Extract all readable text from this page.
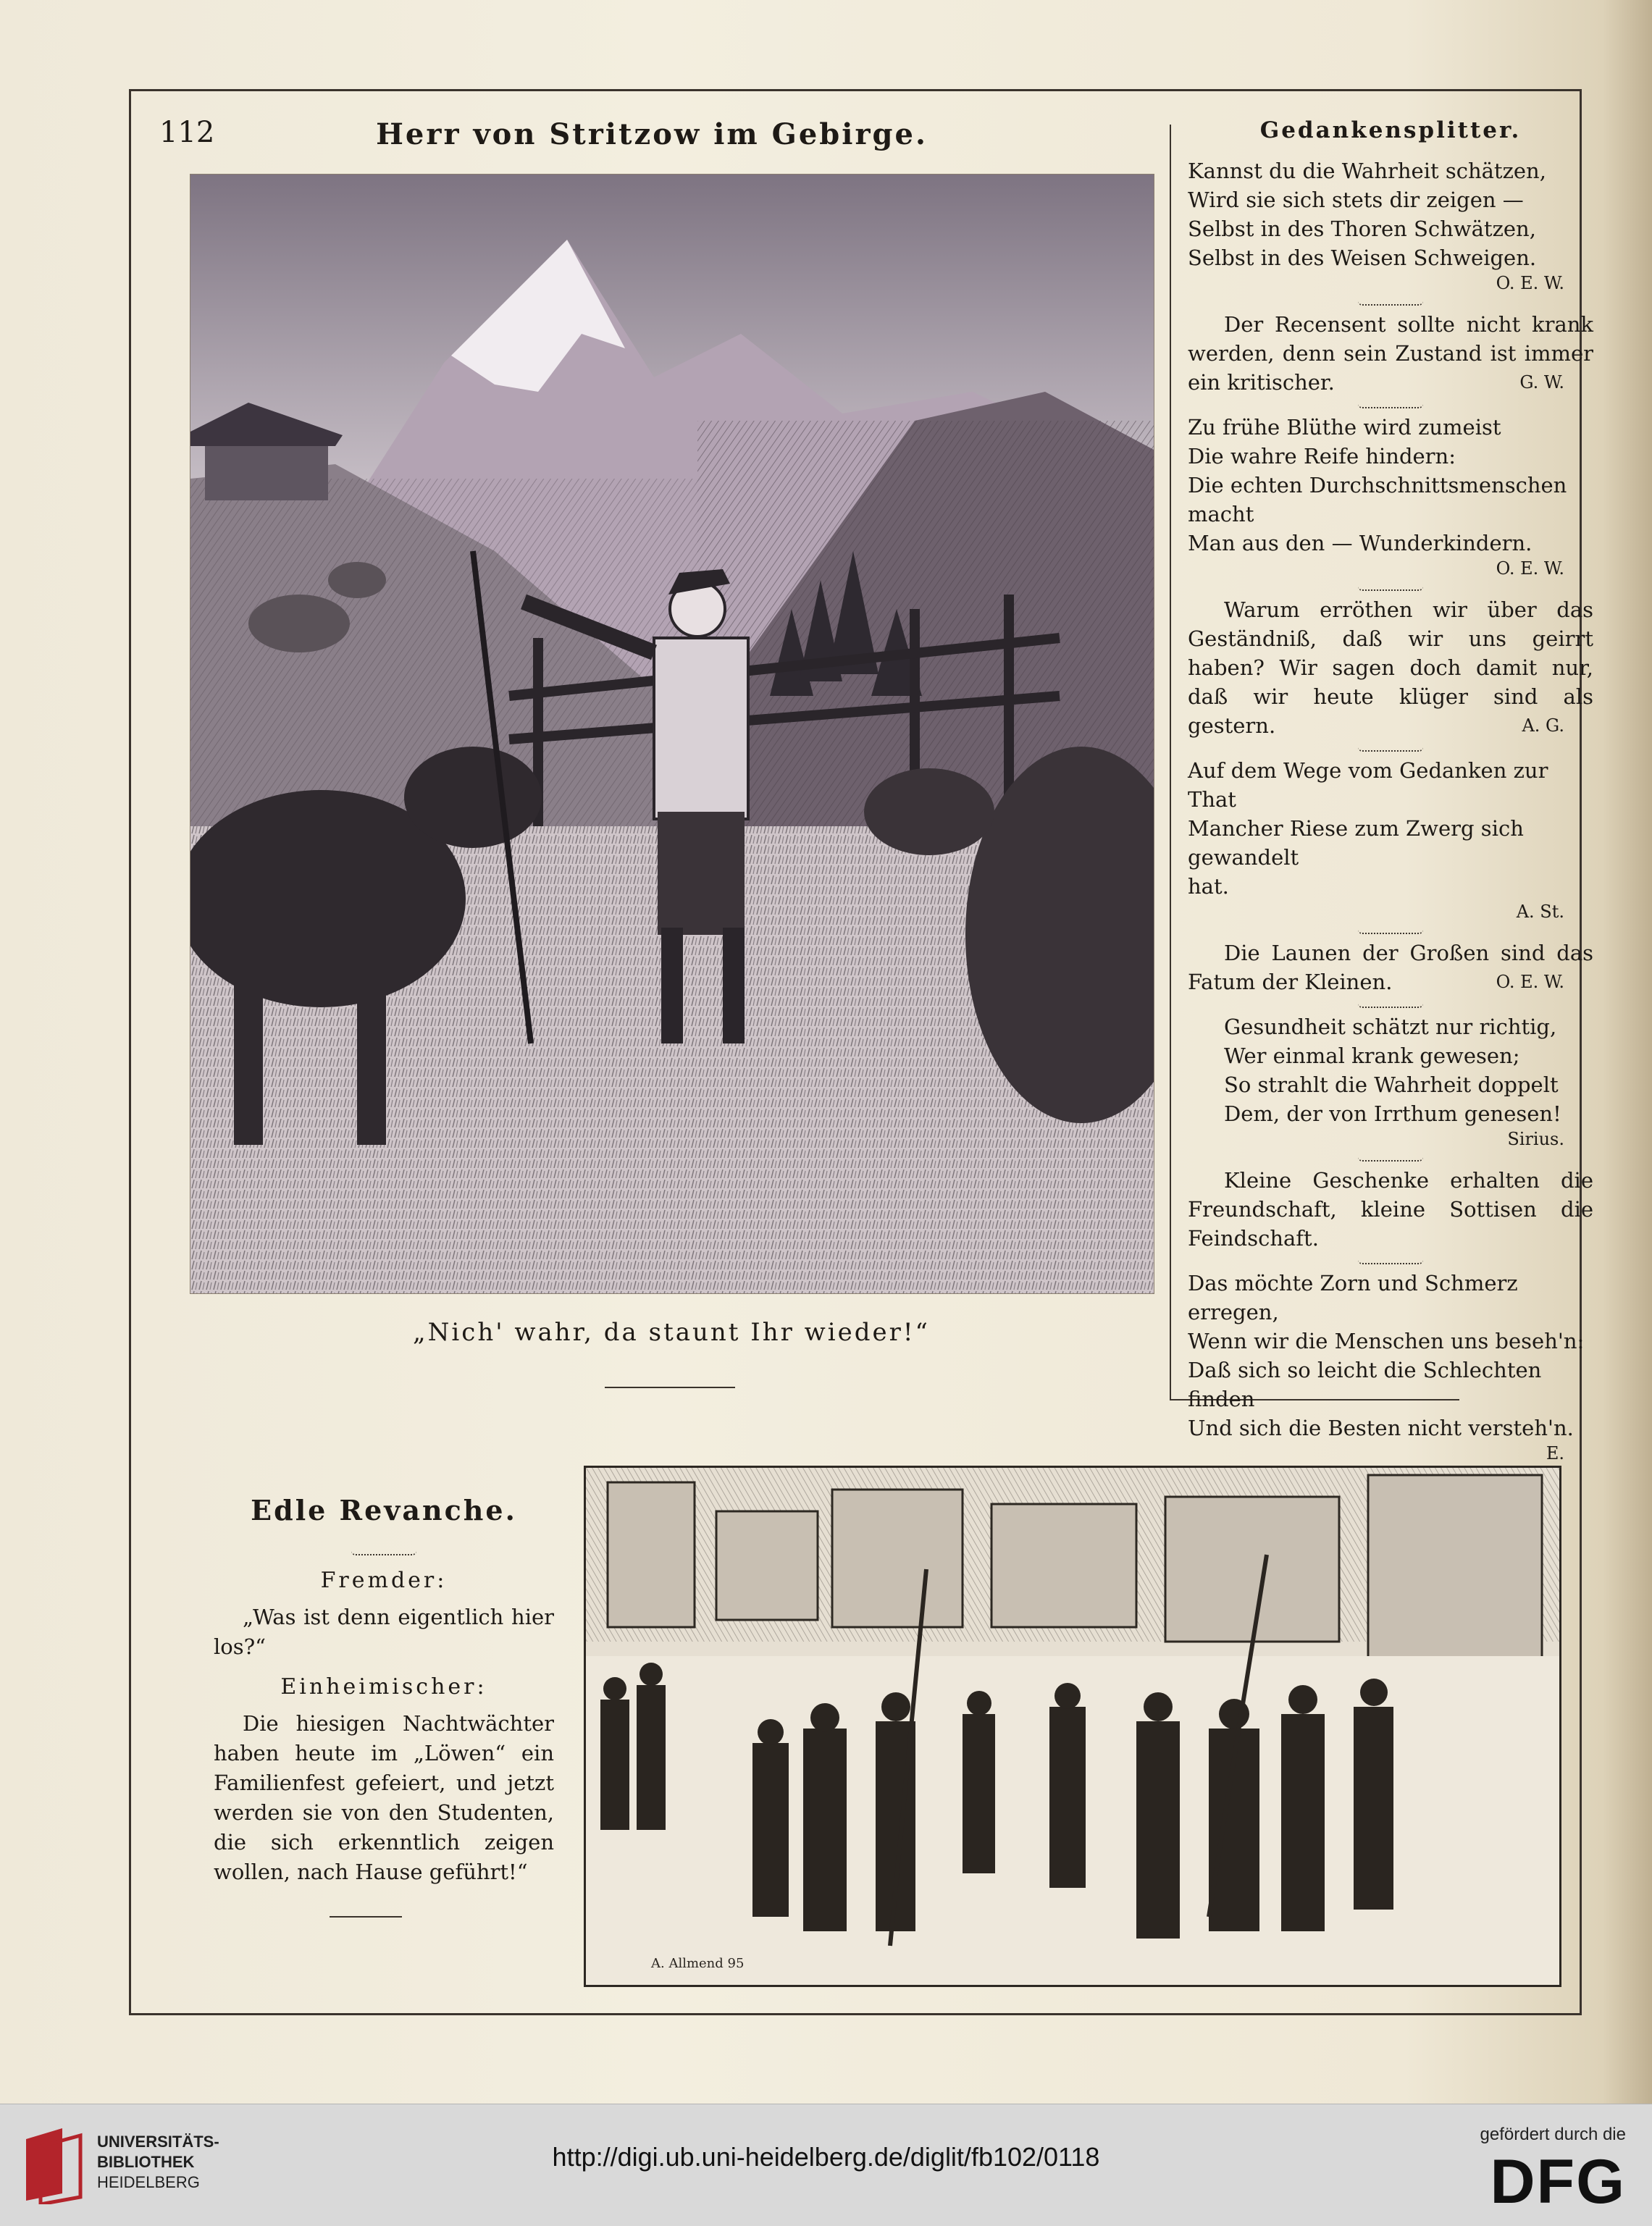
112	Herr von Stritzow im Gebirge.	Gedankensplitter.
Kannst du die Wahrheit schätzen,
Wird sie sich stets dir zeigen —
Selbst in des Thoren Schwätzen,
Selbst in des Weisen Schweigen.
O. E. W.
Der Recensent sollte nicht krank werden, denn sein Zustand ist immer ein kritischer.	G. W.
Zu frühe Blüthe wird zumeist
Die wahre Reife hindern:
Die echten Durchschnittsmenschen
macht
Man aus den — Wunderkindern.
O. E. W.
Warum erröthen wir über das Geständniß, daß wir uns geirrt haben? Wir sagen doch damit nur, daß wir heute klüger sind als gestern.	A. G.
Auf dem Wege vom Gedanken zur That
Mancher Riese zum Zwerg sich gewandelt
hat.
A. St.
Die Launen der Großen sind das Fatum der Kleinen.	O. E. W.
Gesundheit schätzt nur richtig,
Wer einmal krank gewesen;
So strahlt die Wahrheit doppelt
Dem, der von Irrthum genesen!
Sirius.
Kleine Geschenke erhalten die Freundschaft, kleine Sottisen die Feindschaft.
Das möchte Zorn und Schmerz erregen,
Wenn wir die Menschen uns beseh'n:
Daß sich so leicht die Schlechten finden
Und sich die Besten nicht versteh'n.
E.
„Nich' wahr, da staunt Ihr wieder!“
Edle Revanche.
Fremder:
„Was ist denn eigentlich hier los?“
Einheimischer:
Die hiesigen Nachtwächter haben heute im „Löwen“ ein Familienfest gefeiert, und jetzt werden sie von den Studenten, die sich erkenntlich zeigen wollen, nach Hause geführt!“
A. Allmend 95
UNIVERSITÄTS-
BIBLIOTHEK
HEIDELBERG
http://digi.ub.uni-heidelberg.de/diglit/fb102/0118
gefördert durch die
DFG
